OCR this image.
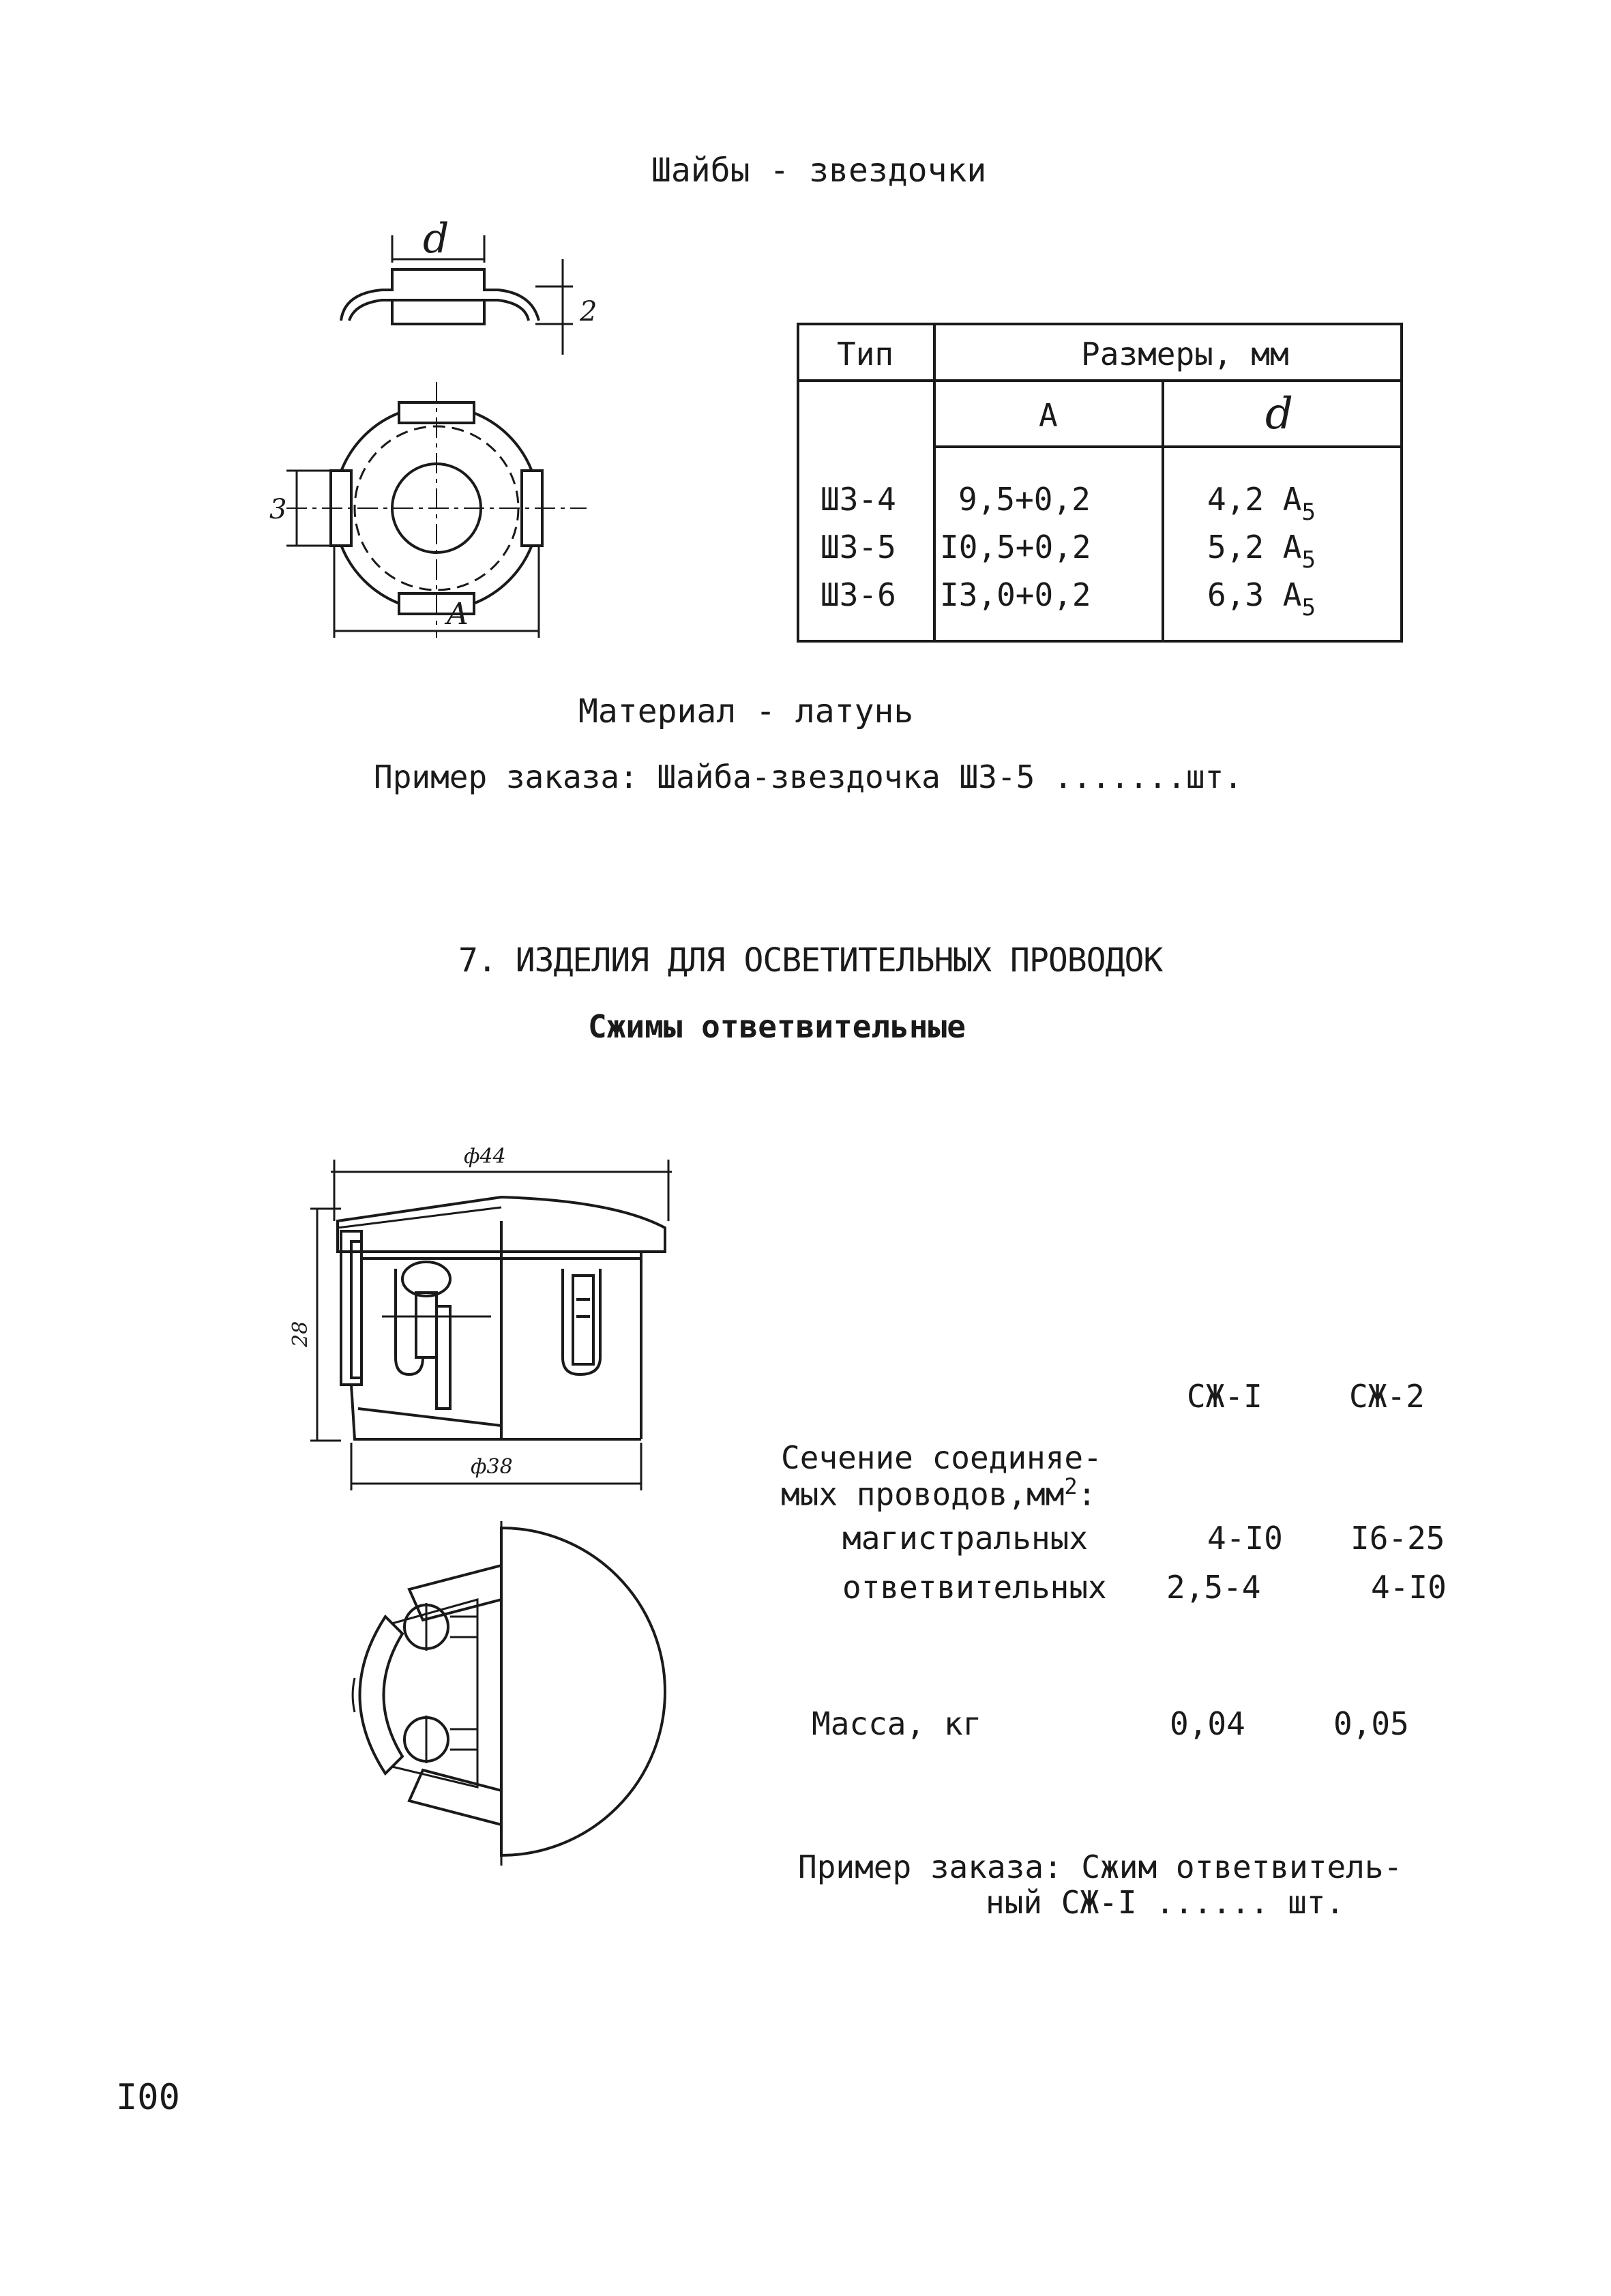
Шайбы - звездочки
d
2
3
A
Тип	Размеры, мм
A	d
ШЗ-4 9,5+0,2	4,2 $A_5$
ШЗ-5 I0,5+0,2	5,2 $A_5$
ШЗ-6 I3,0+0,2	6,3 $A_5$
Материал - латунь
Пример заказа: Шайба-звездочка ШЗ-5 .......шт.
7. ИЗДЕЛИЯ ДЛЯ ОСВЕТИТЕЛЬНЫХ ПРОВОДОК
Сжимы ответвительные
ф44
28
ф38
СЖ-I	СЖ-2
Сечение соединяе-
мых $проводов,мм^2$:
магистральных	4-I0 I6-25
ответвительных 2,5-4	4-I0
Масса, кг	0,04	0,05
Пример заказа: Сжим ответвитель-
ный СЖ-I ...... шт.
I00
